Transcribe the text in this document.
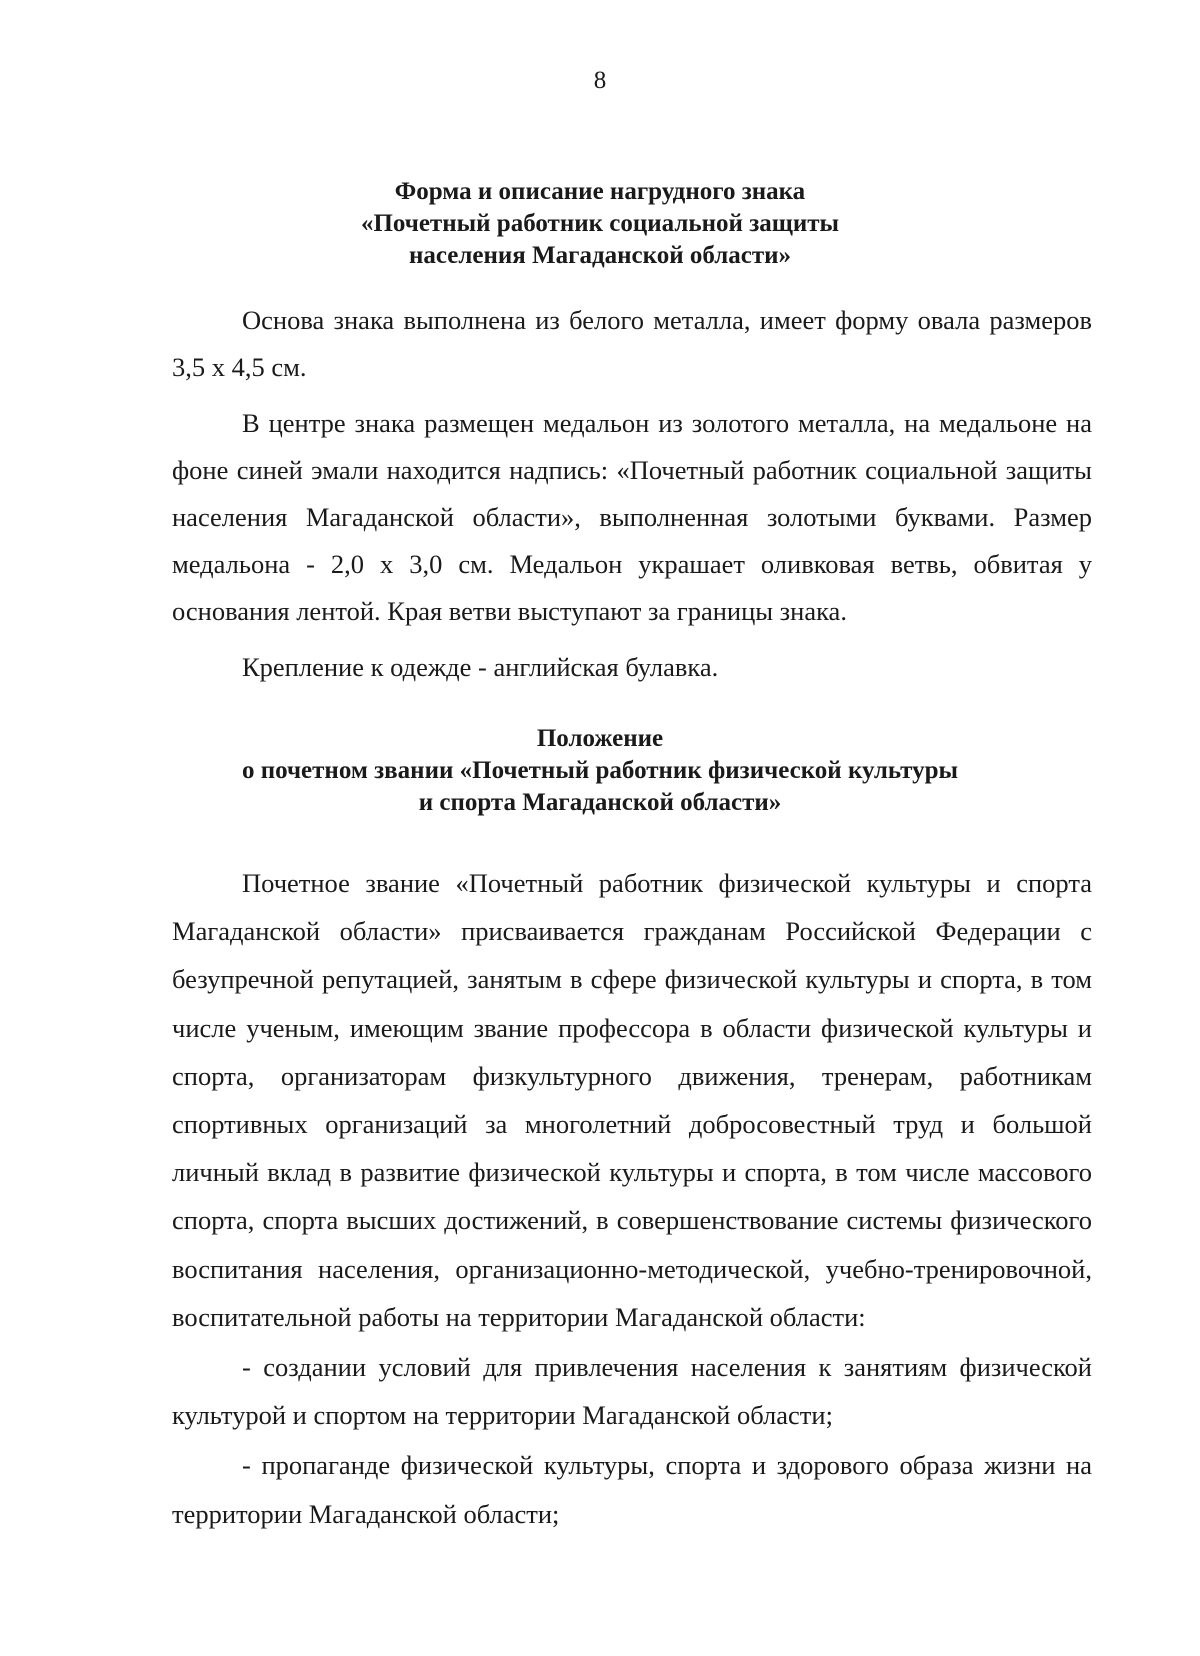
8
Форма и описание нагрудного знака
«Почетный работник социальной защиты
населения Магаданской области»

Основа знака выполнена из белого металла, имеет форму овала размеров 3,5 х 4,5 см.

В центре знака размещен медальон из золотого металла, на медальоне на фоне синей эмали находится надпись: «Почетный работник социальной защиты населения Магаданской области», выполненная золотыми буквами. Размер медальона - 2,0 х 3,0 см. Медальон украшает оливковая ветвь, обвитая у основания лентой. Края ветви выступают за границы знака.

Крепление к одежде - английская булавка.

Положение
о почетном звании «Почетный работник физической культуры
и спорта Магаданской области»

Почетное звание «Почетный работник физической культуры и спорта Магаданской области» присваивается гражданам Российской Федерации с безупречной репутацией, занятым в сфере физической культуры и спорта, в том числе ученым, имеющим звание профессора в области физической культуры и спорта, организаторам физкультурного движения, тренерам, работникам спортивных организаций за многолетний добросовестный труд и большой личный вклад в развитие физической культуры и спорта, в том числе массового спорта, спорта высших достижений, в совершенствование системы физического воспитания населения, организационно-методической, учебно-тренировочной, воспитательной работы на территории Магаданской области:

- создании условий для привлечения населения к занятиям физической культурой и спортом на территории Магаданской области;

- пропаганде физической культуры, спорта и здорового образа жизни на территории Магаданской области;
